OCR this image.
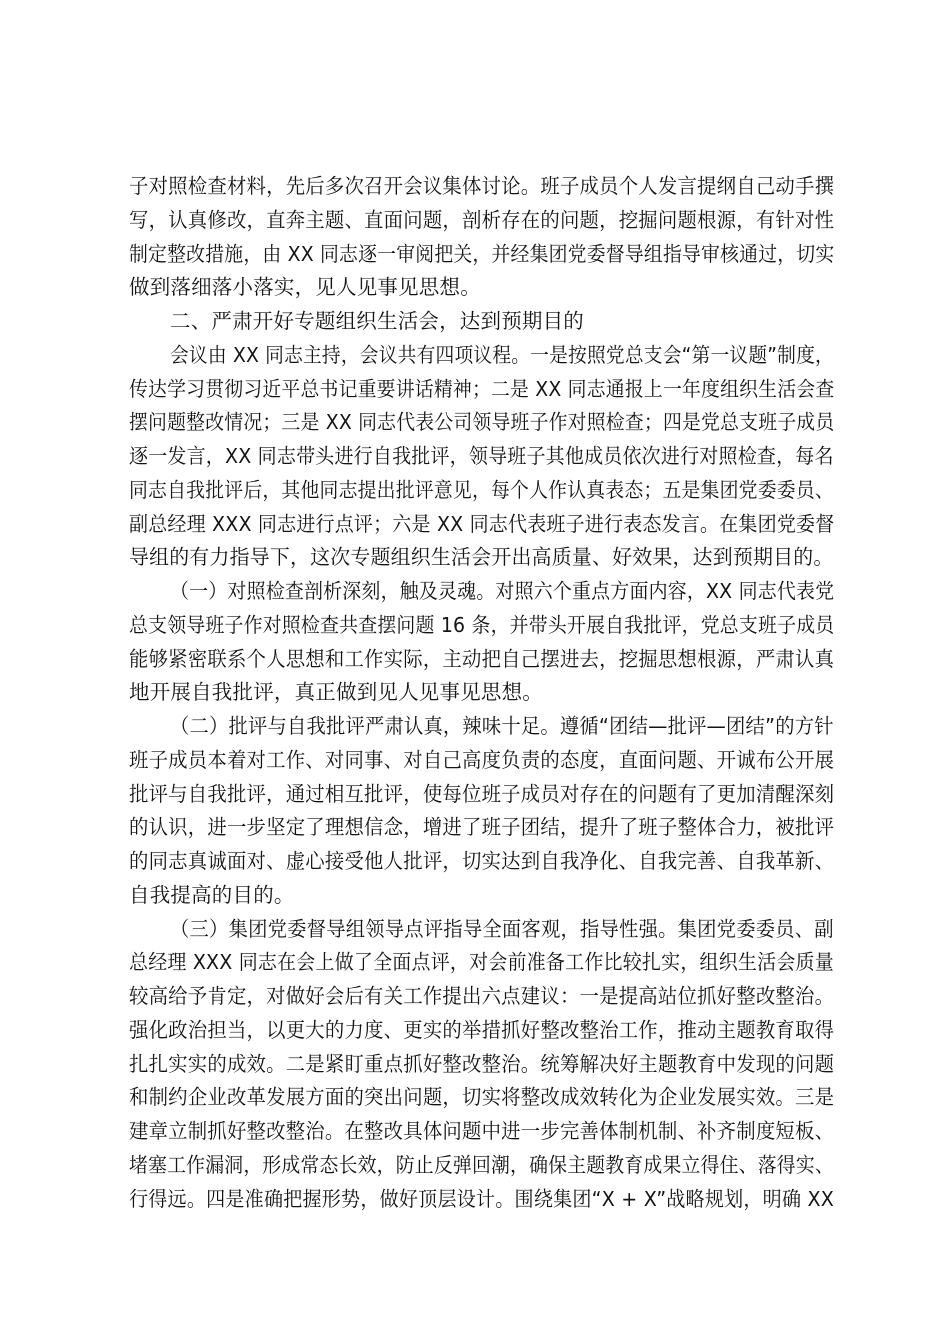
子对照检查材料，先后多次召开会议集体讨论。班子成员个人发言提纲自己动手撰
写，认真修改，直奔主题、直面问题，剖析存在的问题，挖掘问题根源，有针对性
制定整改措施，由 XX 同志逐一审阅把关，并经集团党委督导组指导审核通过，切实
做到落细落小落实，见人见事见思想。
二、严肃开好专题组织生活会，达到预期目的
会议由 XX 同志主持，会议共有四项议程。一是按照党总支会“第一议题”制度，
传达学习贯彻习近平总书记重要讲话精神；二是 XX 同志通报上一年度组织生活会查
摆问题整改情况；三是 XX 同志代表公司领导班子作对照检查；四是党总支班子成员
逐一发言，XX 同志带头进行自我批评，领导班子其他成员依次进行对照检查，每名
同志自我批评后，其他同志提出批评意见，每个人作认真表态；五是集团党委委员、
副总经理 XXX 同志进行点评；六是 XX 同志代表班子进行表态发言。在集团党委督
导组的有力指导下，这次专题组织生活会开出高质量、好效果，达到预期目的。
（一）对照检查剖析深刻，触及灵魂。对照六个重点方面内容，XX 同志代表党
总支领导班子作对照检查共查摆问题 16 条，并带头开展自我批评，党总支班子成员
能够紧密联系个人思想和工作实际，主动把自己摆进去，挖掘思想根源，严肃认真
地开展自我批评，真正做到见人见事见思想。
（二）批评与自我批评严肃认真，辣味十足。遵循“团结—批评—团结”的方针
班子成员本着对工作、对同事、对自己高度负责的态度，直面问题、开诚布公开展
批评与自我批评，通过相互批评，使每位班子成员对存在的问题有了更加清醒深刻
的认识，进一步坚定了理想信念，增进了班子团结，提升了班子整体合力，被批评
的同志真诚面对、虚心接受他人批评，切实达到自我净化、自我完善、自我革新、
自我提高的目的。
（三）集团党委督导组领导点评指导全面客观，指导性强。集团党委委员、副
总经理 XXX 同志在会上做了全面点评，对会前准备工作比较扎实，组织生活会质量
较高给予肯定，对做好会后有关工作提出六点建议：一是提高站位抓好整改整治。
强化政治担当，以更大的力度、更实的举措抓好整改整治工作，推动主题教育取得
扎扎实实的成效。二是紧盯重点抓好整改整治。统筹解决好主题教育中发现的问题
和制约企业改革发展方面的突出问题，切实将整改成效转化为企业发展实效。三是
建章立制抓好整改整治。在整改具体问题中进一步完善体制机制、补齐制度短板、
堵塞工作漏洞，形成常态长效，防止反弹回潮，确保主题教育成果立得住、落得实、
行得远。四是准确把握形势，做好顶层设计。围绕集团“X + X”战略规划，明确 XX
